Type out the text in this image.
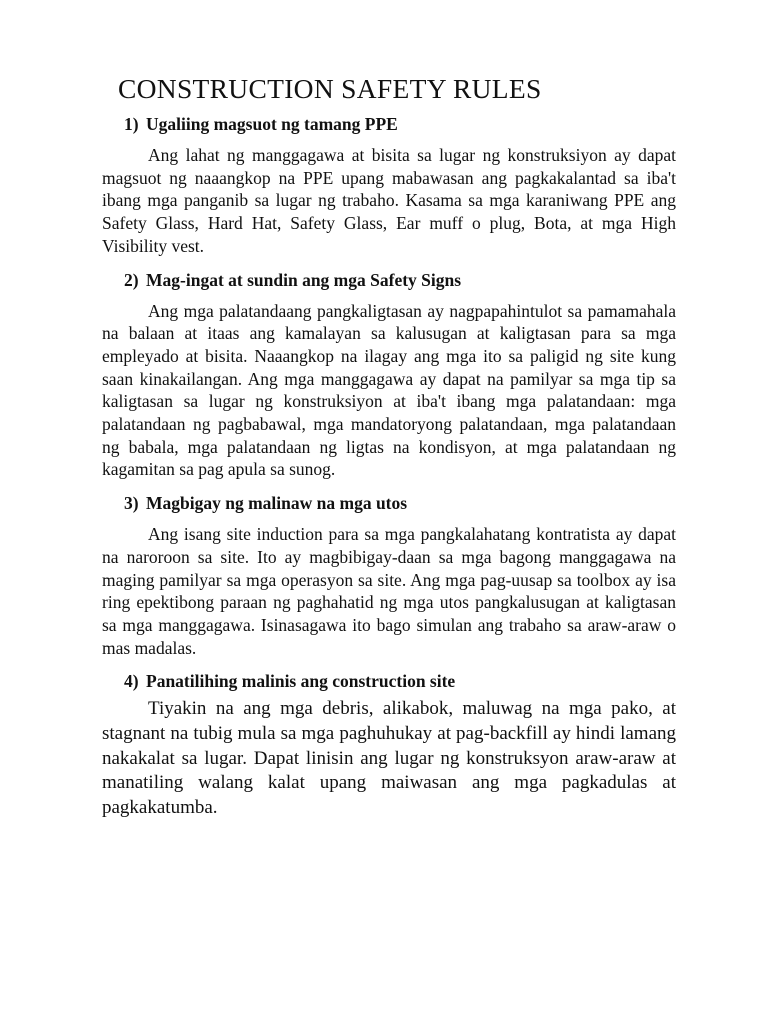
CONSTRUCTION SAFETY RULES
1) Ugaliing magsuot ng tamang PPE

Ang lahat ng manggagawa at bisita sa lugar ng konstruksiyon ay dapat magsuot ng naaangkop na PPE upang mabawasan ang pagkakalantad sa iba't ibang mga panganib sa lugar ng trabaho. Kasama sa mga karaniwang PPE ang Safety Glass, Hard Hat, Safety Glass, Ear muff o plug, Bota, at mga High Visibility vest.

2) Mag-ingat at sundin ang mga Safety Signs

Ang mga palatandaang pangkaligtasan ay nagpapahintulot sa pamamahala na balaan at itaas ang kamalayan sa kalusugan at kaligtasan para sa mga empleyado at bisita. Naaangkop na ilagay ang mga ito sa paligid ng site kung saan kinakailangan. Ang mga manggagawa ay dapat na pamilyar sa mga tip sa kaligtasan sa lugar ng konstruksiyon at iba't ibang mga palatandaan: mga palatandaan ng pagbabawal, mga mandatoryong palatandaan, mga palatandaan ng babala, mga palatandaan ng ligtas na kondisyon, at mga palatandaan ng kagamitan sa pag apula sa sunog.

3) Magbigay ng malinaw na mga utos

Ang isang site induction para sa mga pangkalahatang kontratista ay dapat na naroroon sa site. Ito ay magbibigay-daan sa mga bagong manggagawa na maging pamilyar sa mga operasyon sa site. Ang mga pag-uusap sa toolbox ay isa ring epektibong paraan ng paghahatid ng mga utos pangkalusugan at kaligtasan sa mga manggagawa. Isinasagawa ito bago simulan ang trabaho sa araw-araw o mas madalas.

4) Panatilihing malinis ang construction site

Tiyakin na ang mga debris, alikabok, maluwag na mga pako, at stagnant na tubig mula sa mga paghuhukay at pag-backfill ay hindi lamang nakakalat sa lugar. Dapat linisin ang lugar ng konstruksyon araw-araw at manatiling walang kalat upang maiwasan ang mga pagkadulas at pagkakatumba.
